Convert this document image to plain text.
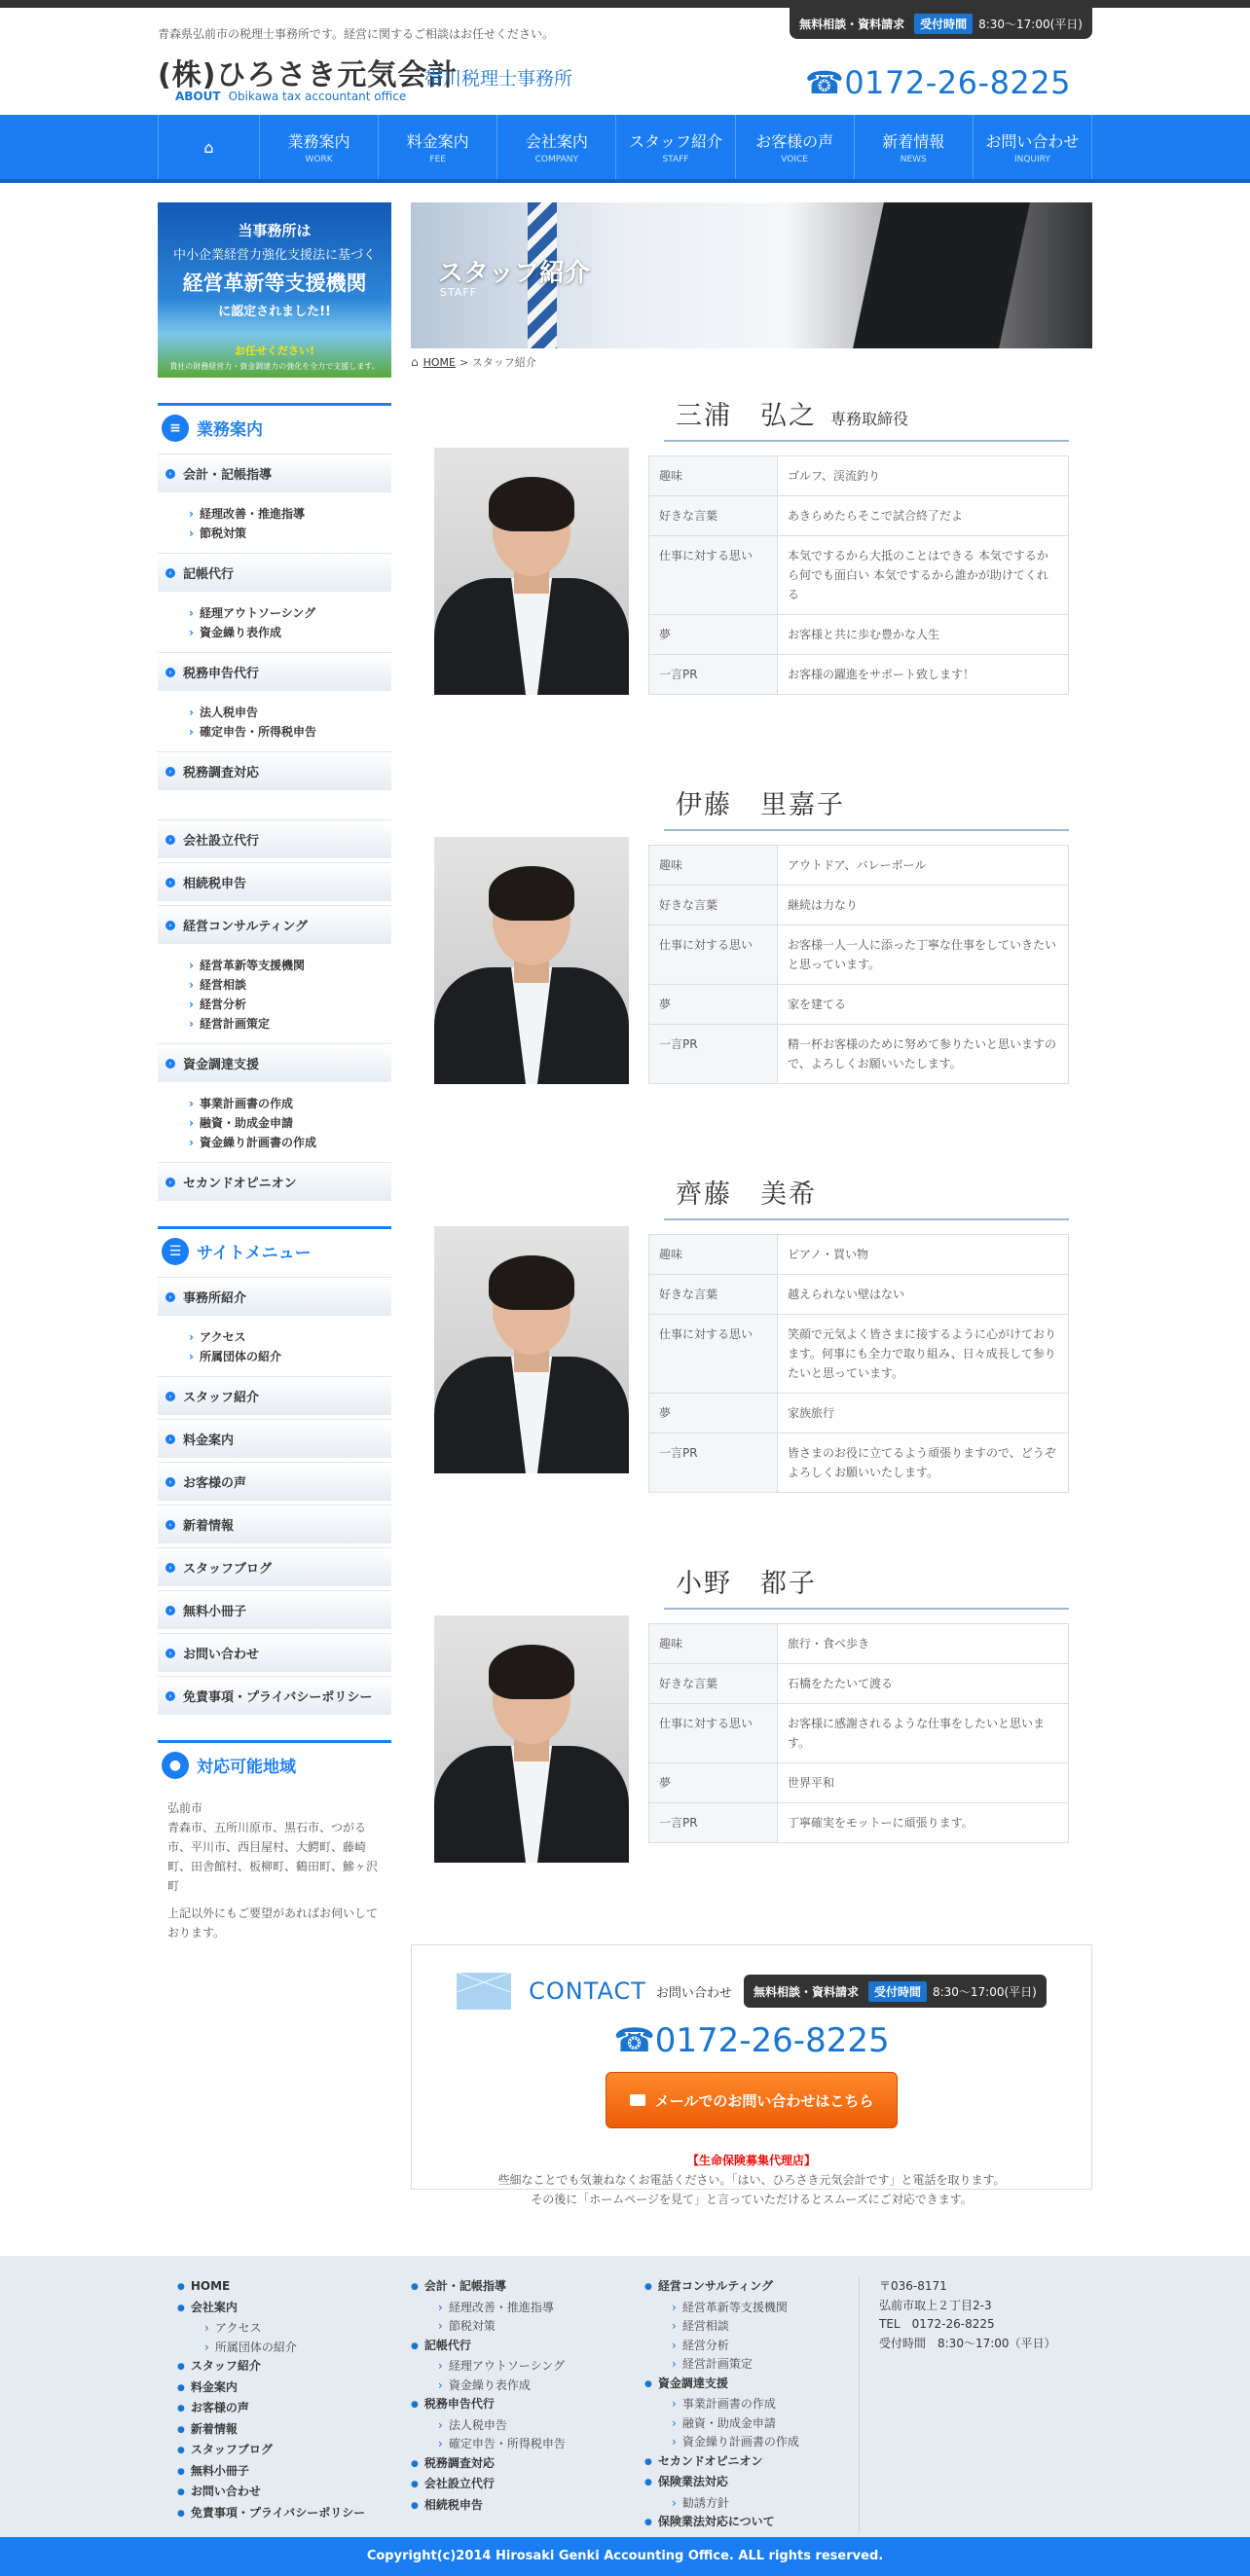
青森県弘前市の税理士事務所です。経営に関するご相談はお任せください。
(株)ひろさき元気会計
ABOUT Obikawa tax accountant office
帯川税理士事務所
無料相談・資料請求	受付時間	8:30～17:00(平日)
☎0172-26-8225
⌂	業務案内
WORK
料金案内
FEE
会社案内
COMPANY
スタッフ紹介
STAFF
お客様の声
VOICE
新着情報
NEWS
お問い合わせ
INQUIRY
当事務所は
中小企業経営力強化支援法に基づく
経営革新等支援機関
に認定されました!!
お任せください!
貴社の財務経営力・資金調達力の強化を全力で支援します。
≡ 業務案内
› 会計・記帳指導
› 経理改善・推進指導
› 節税対策
› 記帳代行
› 経理アウトソーシング
› 資金繰り表作成
› 税務申告代行
› 法人税申告
› 確定申告・所得税申告
› 税務調査対応
› 会社設立代行
› 相続税申告
› 経営コンサルティング
› 経営革新等支援機関
› 経営相談
› 経営分析
› 経営計画策定
› 資金調達支援
› 事業計画書の作成
› 融資・助成金申請
› 資金繰り計画書の作成
› セカンドオピニオン
☰ サイトメニュー
› 事務所紹介
› アクセス
› 所属団体の紹介
› スタッフ紹介
› 料金案内
› お客様の声
› 新着情報
› スタッフブログ
› 無料小冊子
› お問い合わせ
› 免責事項・プライバシーポリシー
● 対応可能地域
弘前市
青森市、五所川原市、黒石市、つがる市、平川市、西目屋村、大鰐町、藤崎町、田舎館村、板柳町、鶴田町、鰺ヶ沢町
上記以外にもご要望があればお伺いしております。
スタッフ紹介
STAFF
⌂ HOME > スタッフ紹介
三浦　弘之 専務取締役
趣味	ゴルフ、渓流釣り
好きな言葉	あきらめたらそこで試合終了だよ
仕事に対する思い	本気でするから大抵のことはできる 本気でするから何でも面白い 本気でするから誰かが助けてくれる
夢	お客様と共に歩む豊かな人生
一言PR	お客様の躍進をサポート致します！
伊藤　里嘉子
趣味	アウトドア、バレーボール
好きな言葉	継続は力なり
仕事に対する思い	お客様一人一人に添った丁寧な仕事をしていきたいと思っています。
夢	家を建てる
一言PR	精一杯お客様のために努めて参りたいと思いますので、よろしくお願いいたします。
齊藤　美希
趣味	ピアノ・買い物
好きな言葉	越えられない壁はない
仕事に対する思い	笑顔で元気よく皆さまに接するように心がけております。何事にも全力で取り組み、日々成長して参りたいと思っています。
夢	家族旅行
一言PR	皆さまのお役に立てるよう頑張りますので、どうぞよろしくお願いいたします。
小野　都子
趣味	旅行・食べ歩き
好きな言葉	石橋をたたいて渡る
仕事に対する思い	お客様に感謝されるような仕事をしたいと思います。
夢	世界平和
一言PR	丁寧確実をモットーに頑張ります。
CONTACT お問い合わせ 無料相談・資料請求	受付時間	8:30～17:00(平日)
☎0172-26-8225
メールでのお問い合わせはこちら
【生命保険募集代理店】
些細なことでも気兼ねなくお電話ください。「はい、ひろさき元気会計です」と電話を取ります。
その後に「ホームページを見て」と言っていただけるとスムーズにご対応できます。
● HOME
● 会社案内
› アクセス
› 所属団体の紹介
● スタッフ紹介
● 料金案内
● お客様の声
● 新着情報
● スタッフブログ
● 無料小冊子
● お問い合わせ
● 免責事項・プライバシーポリシー
● 会計・記帳指導
› 経理改善・推進指導
› 節税対策
● 記帳代行
› 経理アウトソーシング
› 資金繰り表作成
● 税務申告代行
› 法人税申告
› 確定申告・所得税申告
● 税務調査対応
● 会社設立代行
● 相続税申告
● 経営コンサルティング
› 経営革新等支援機関
› 経営相談
› 経営分析
› 経営計画策定
● 資金調達支援
› 事業計画書の作成
› 融資・助成金申請
› 資金繰り計画書の作成
● セカンドオピニオン
● 保険業法対応
› 勧誘方針
● 保険業法対応について
〒036-8171
弘前市取上２丁目2-3
TEL　0172-26-8225
受付時間　8:30～17:00（平日）
Copyright(c)2014 Hirosaki Genki Accounting Office. ALL rights reserved.
